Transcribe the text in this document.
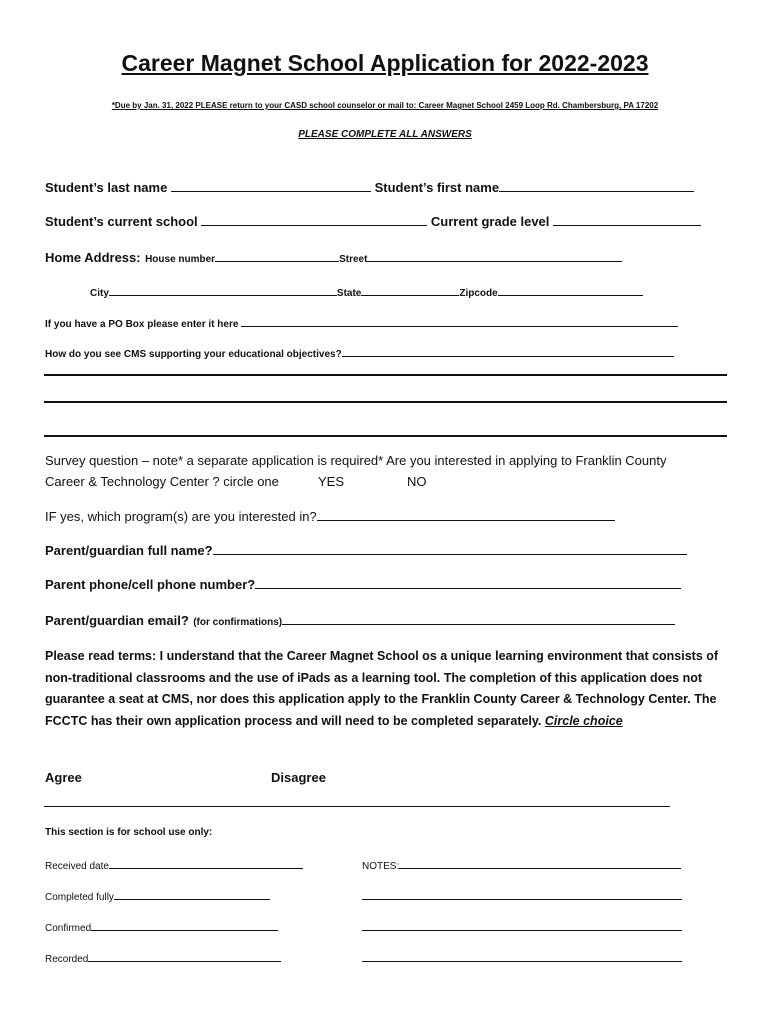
Career Magnet School Application for 2022-2023
*Due by Jan. 31, 2022 PLEASE return to your CASD school counselor or mail to: Career Magnet School 2459 Loop Rd. Chambersburg, PA 17202
PLEASE COMPLETE ALL ANSWERS
Student’s last name	Student’s first name
Student’s current school	Current grade level
Home Address: House number	Street
City	State	Zipcode
If you have a PO Box please enter it here
How do you see CMS supporting your educational objectives?
Survey question – note* a separate application is required* Are you interested in applying to Franklin County
Career & Technology Center ? circle one	YES	NO
IF yes, which program(s) are you interested in?
Parent/guardian full name?
Parent phone/cell phone number?
Parent/guardian email? (for confirmations)
Please read terms: I understand that the Career Magnet School os a unique learning environment that consists of non-traditional classrooms and the use of iPads as a learning tool. The completion of this application does not guarantee a seat at CMS, nor does this application apply to the Franklin County Career & Technology Center. The FCCTC has their own application process and will need to be completed separately. Circle choice
Agree	Disagree
This section is for school use only:
Received date	NOTES:
Completed fully
Confirmed
Recorded
